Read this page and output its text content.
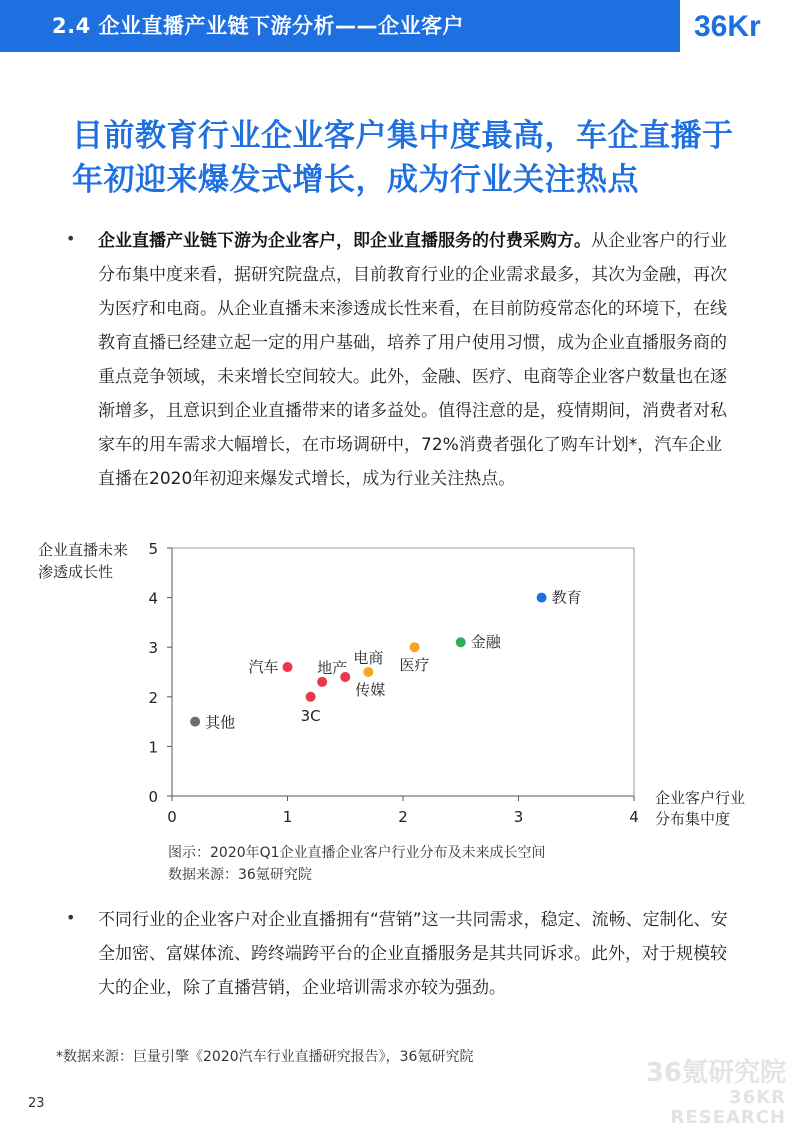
2.4 企业直播产业链下游分析——企业客户	36Kr
目前教育行业企业客户集中度最高，车企直播于年初迎来爆发式增长，成为行业关注热点
• 企业直播产业链下游为企业客户，即企业直播服务的付费采购方。从企业客户的行业分布集中度来看，据研究院盘点，目前教育行业的企业需求最多，其次为金融，再次为医疗和电商。从企业直播未来渗透成长性来看，在目前防疫常态化的环境下，在线教育直播已经建立起一定的用户基础，培养了用户使用习惯，成为企业直播服务商的重点竞争领域，未来增长空间较大。此外，金融、医疗、电商等企业客户数量也在逐渐增多，且意识到企业直播带来的诸多益处。值得注意的是，疫情期间，消费者对私家车的用车需求大幅增长，在市场调研中，72%消费者强化了购车计划*，汽车企业直播在2020年初迎来爆发式增长，成为行业关注热点。
0	1	2	3	4
0
1
2
3
4
5
教育
金融
医疗
电商
传媒
地产
汽车
3C
其他
企业直播未来
渗透成长性
企业客户行业
分布集中度
图示：2020年Q1企业直播企业客户行业分布及未来成长空间
数据来源：36氪研究院
• 不同行业的企业客户对企业直播拥有“营销”这一共同需求，稳定、流畅、定制化、安全加密、富媒体流、跨终端跨平台的企业直播服务是其共同诉求。此外，对于规模较大的企业，除了直播营销，企业培训需求亦较为强劲。
*数据来源：巨量引擎《2020汽车行业直播研究报告》，36氪研究院
36氪研究院
36KR RESEARCH
23
